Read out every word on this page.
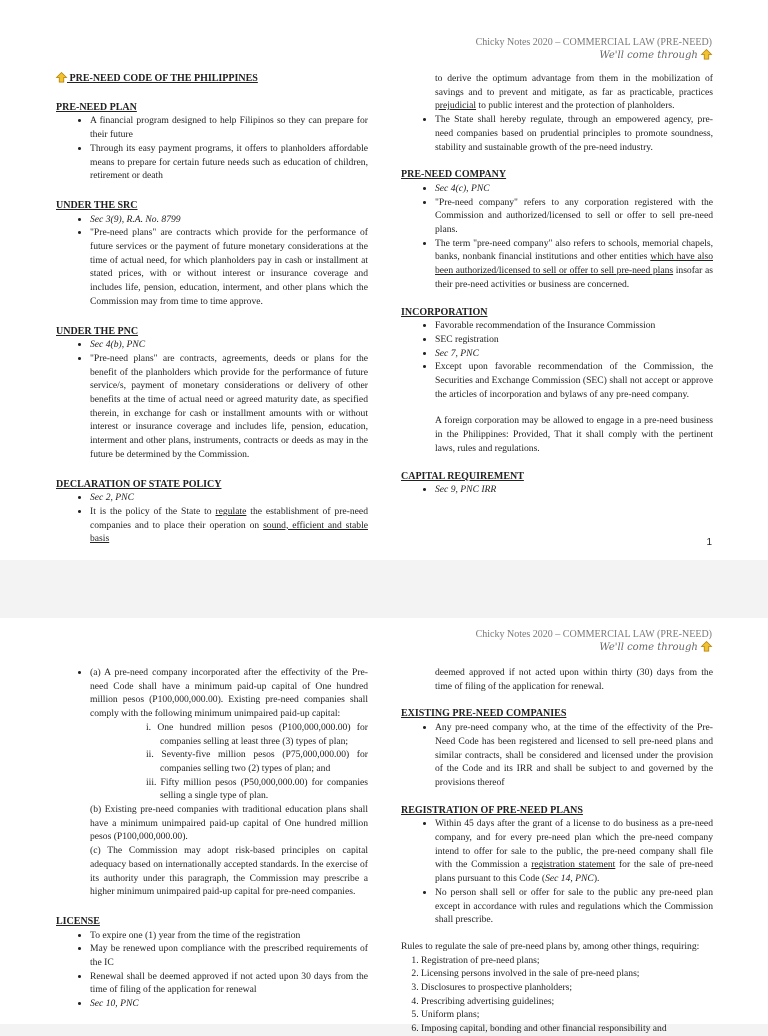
Chicky Notes 2020 – COMMERCIAL LAW (PRE-NEED)
We'll come through

PRE-NEED CODE OF THE PHILIPPINES

PRE-NEED PLAN

• A financial program designed to help Filipinos so they can prepare for their future
• Through its easy payment programs, it offers to planholders affordable means to prepare for certain future needs such as education of children, retirement or death

UNDER THE SRC

• Sec 3(9), R.A. No. 8799
• "Pre-need plans" are contracts which provide for the performance of future services or the payment of future monetary considerations at the time of actual need, for which planholders pay in cash or installment at stated prices, with or without interest or insurance coverage and includes life, pension, education, interment, and other plans which the Commission may from time to time approve.

UNDER THE PNC

• Sec 4(b), PNC
• "Pre-need plans" are contracts, agreements, deeds or plans for the benefit of the planholders which provide for the performance of future service/s, payment of monetary considerations or delivery of other benefits at the time of actual need or agreed maturity date, as specified therein, in exchange for cash or installment amounts with or without interest or insurance coverage and includes life, pension, education, interment and other plans, instruments, contracts or deeds as may in the future be determined by the Commission.

DECLARATION OF STATE POLICY

• Sec 2, PNC
• It is the policy of the State to regulate the establishment of pre-need companies and to place their operation on sound, efficient and stable basis

to derive the optimum advantage from them in the mobilization of savings and to prevent and mitigate, as far as practicable, practices prejudicial to public interest and the protection of planholders.

• The State shall hereby regulate, through an empowered agency, pre-need companies based on prudential principles to promote soundness, stability and sustainable growth of the pre-need industry.

PRE-NEED COMPANY

• Sec 4(c), PNC
• "Pre-need company" refers to any corporation registered with the Commission and authorized/licensed to sell or offer to sell pre-need plans.
• The term "pre-need company" also refers to schools, memorial chapels, banks, nonbank financial institutions and other entities which have also been authorized/licensed to sell or offer to sell pre-need plans insofar as their pre-need activities or business are concerned.

INCORPORATION

• Favorable recommendation of the Insurance Commission
• SEC registration
• Sec 7, PNC
• Except upon favorable recommendation of the Commission, the Securities and Exchange Commission (SEC) shall not accept or approve the articles of incorporation and bylaws of any pre-need company.

A foreign corporation may be allowed to engage in a pre-need business in the Philippines: Provided, That it shall comply with the pertinent laws, rules and regulations.

CAPITAL REQUIREMENT

• Sec 9, PNC IRR
1
Chicky Notes 2020 – COMMERCIAL LAW (PRE-NEED)
We'll come through
• (a) A pre-need company incorporated after the effectivity of the Pre-need Code shall have a minimum paid-up capital of One hundred million pesos (P100,000,000.00). Existing pre-need companies shall comply with the following minimum unimpaired paid-up capital:
i. One hundred million pesos (P100,000,000.00) for companies selling at least three (3) types of plan;
ii. Seventy-five million pesos (P75,000,000.00) for companies selling two (2) types of plan; and
iii. Fifty million pesos (P50,000,000.00) for companies selling a single type of plan.
(b) Existing pre-need companies with traditional education plans shall have a minimum unimpaired paid-up capital of One hundred million pesos (P100,000,000.00).
(c) The Commission may adopt risk-based principles on capital adequacy based on internationally accepted standards. In the exercise of its authority under this paragraph, the Commission may prescribe a higher minimum unimpaired paid-up capital for pre-need companies.

LICENSE

• To expire one (1) year from the time of the registration
• May be renewed upon compliance with the prescribed requirements of the IC
• Renewal shall be deemed approved if not acted upon 30 days from the time of filing of the application for renewal
• Sec 10, PNC

deemed approved if not acted upon within thirty (30) days from the time of filing of the application for renewal.

EXISTING PRE-NEED COMPANIES

• Any pre-need company who, at the time of the effectivity of the Pre-Need Code has been registered and licensed to sell pre-need plans and similar contracts, shall be considered and licensed under the provision of the Code and its IRR and shall be subject to and governed by the provisions thereof

REGISTRATION OF PRE-NEED PLANS

• Within 45 days after the grant of a license to do business as a pre-need company, and for every pre-need plan which the pre-need company intend to offer for sale to the public, the pre-need company shall file with the Commission a registration statement for the sale of pre-need plans pursuant to this Code (Sec 14, PNC).
• No person shall sell or offer for sale to the public any pre-need plan except in accordance with rules and regulations which the Commission shall prescribe.

Rules to regulate the sale of pre-need plans by, among other things, requiring:

1. Registration of pre-need plans;
2. Licensing persons involved in the sale of pre-need plans;
3. Disclosures to prospective planholders;
4. Prescribing advertising guidelines;
5. Uniform plans;
6. Imposing capital, bonding and other financial responsibility and
